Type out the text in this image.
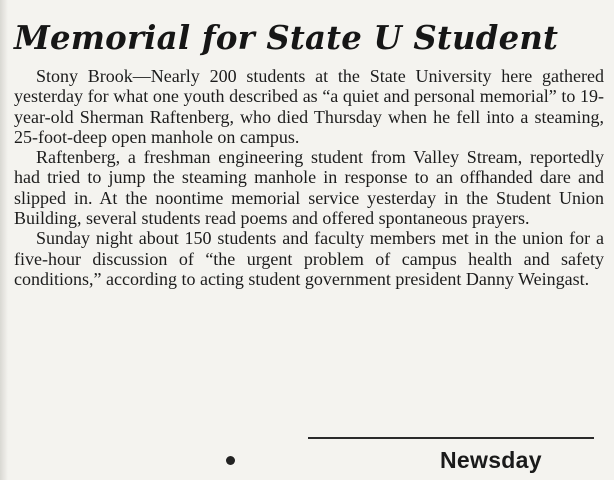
Memorial for State U Student

Stony Brook—Nearly 200 students at the State University here gathered yesterday for what one youth described as “a quiet and personal memorial” to 19-year-old Sherman Raftenberg, who died Thursday when he fell into a steaming, 25-foot-deep open manhole on campus.

Raftenberg, a freshman engineering student from Valley Stream, reportedly had tried to jump the steaming manhole in response to an offhanded dare and slipped in. At the noontime memorial service yesterday in the Student Union Building, several students read poems and offered spontaneous prayers.

Sunday night about 150 students and faculty members met in the union for a five-hour discussion of “the urgent problem of campus health and safety conditions,” according to acting student government president Danny Weingast.

Newsday
